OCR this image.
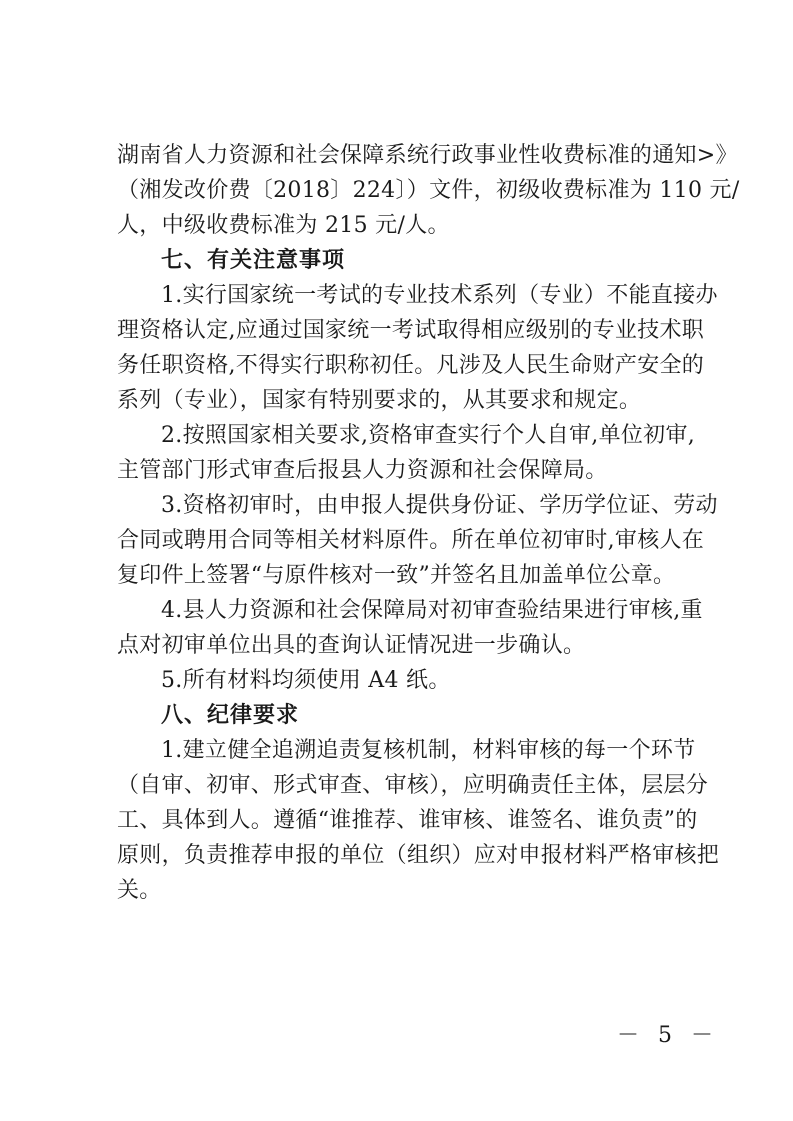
湖南省人力资源和社会保障系统行政事业性收费标准的通知>》
（湘发改价费〔2018〕224〕）文件，初级收费标准为 110 元/
人，中级收费标准为 215 元/人。
七、有关注意事项
1.实行国家统一考试的专业技术系列（专业）不能直接办
理资格认定,应通过国家统一考试取得相应级别的专业技术职
务任职资格,不得实行职称初任。凡涉及人民生命财产安全的
系列（专业），国家有特别要求的，从其要求和规定。
2.按照国家相关要求,资格审查实行个人自审,单位初审,
主管部门形式审查后报县人力资源和社会保障局。
3.资格初审时，由申报人提供身份证、学历学位证、劳动
合同或聘用合同等相关材料原件。所在单位初审时,审核人在
复印件上签署“与原件核对一致”并签名且加盖单位公章。
4.县人力资源和社会保障局对初审查验结果进行审核,重
点对初审单位出具的查询认证情况进一步确认。
5.所有材料均须使用 A4 纸。
八、纪律要求
1.建立健全追溯追责复核机制，材料审核的每一个环节
（自审、初审、形式审查、审核），应明确责任主体，层层分
工、具体到人。遵循“谁推荐、谁审核、谁签名、谁负责”的
原则，负责推荐申报的单位（组织）应对申报材料严格审核把
关。
－ 5 －
